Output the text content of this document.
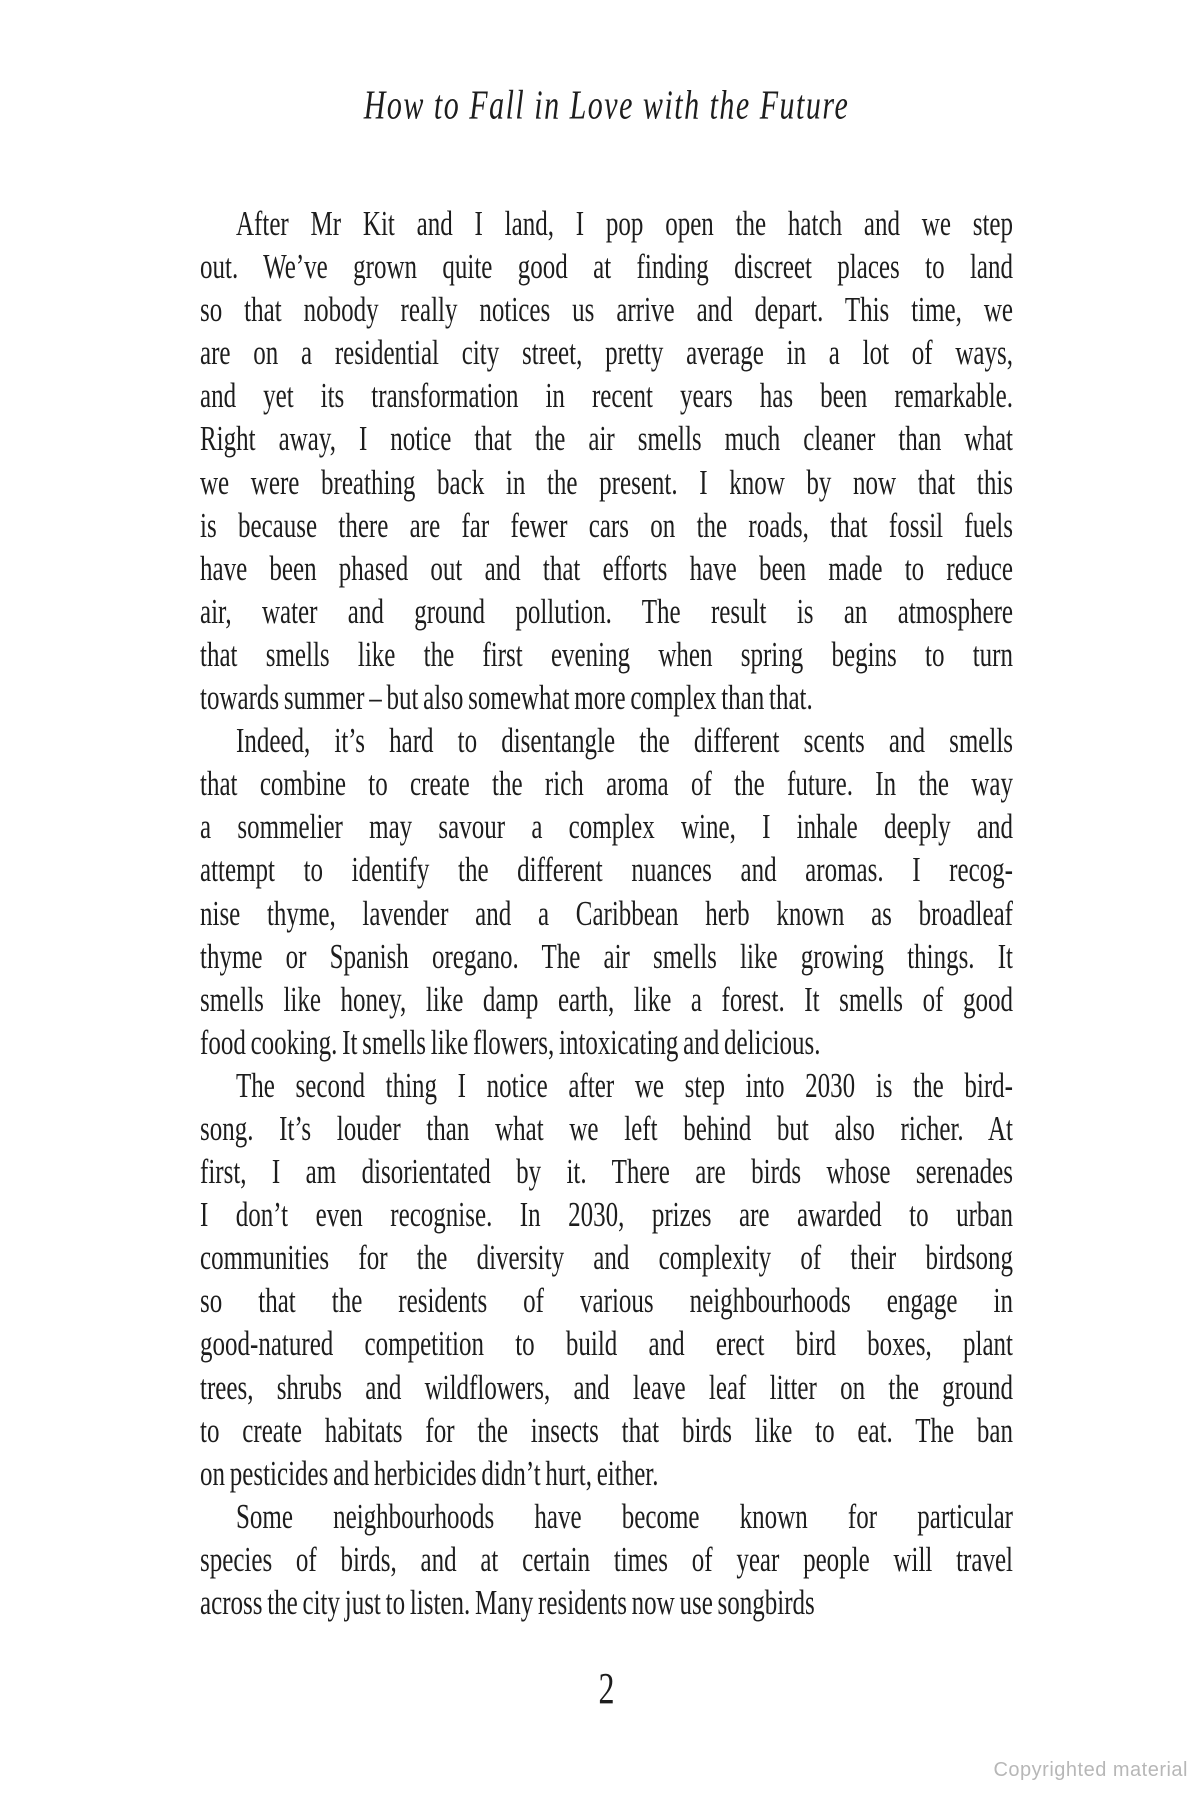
How to Fall in Love with the Future
After Mr Kit and I land, I pop open the hatch and we step
out. We’ve grown quite good at finding discreet places to land
so that nobody really notices us arrive and depart. This time, we
are on a residential city street, pretty average in a lot of ways,
and yet its transformation in recent years has been remarkable.
Right away, I notice that the air smells much cleaner than what
we were breathing back in the present. I know by now that this
is because there are far fewer cars on the roads, that fossil fuels
have been phased out and that efforts have been made to reduce
air, water and ground pollution. The result is an atmosphere
that smells like the first evening when spring begins to turn
towards summer – but also somewhat more complex than that.
Indeed, it’s hard to disentangle the different scents and smells
that combine to create the rich aroma of the future. In the way
a sommelier may savour a complex wine, I inhale deeply and
attempt to identify the different nuances and aromas. I recog-
nise thyme, lavender and a Caribbean herb known as broadleaf
thyme or Spanish oregano. The air smells like growing things. It
smells like honey, like damp earth, like a forest. It smells of good
food cooking. It smells like flowers, intoxicating and delicious.
The second thing I notice after we step into 2030 is the bird-
song. It’s louder than what we left behind but also richer. At
first, I am disorientated by it. There are birds whose serenades
I don’t even recognise. In 2030, prizes are awarded to urban
communities for the diversity and complexity of their birdsong
so that the residents of various neighbourhoods engage in
good-natured competition to build and erect bird boxes, plant
trees, shrubs and wildflowers, and leave leaf litter on the ground
to create habitats for the insects that birds like to eat. The ban
on pesticides and herbicides didn’t hurt, either.
Some neighbourhoods have become known for particular
species of birds, and at certain times of year people will travel
across the city just to listen. Many residents now use songbirds
2
Copyrighted material
